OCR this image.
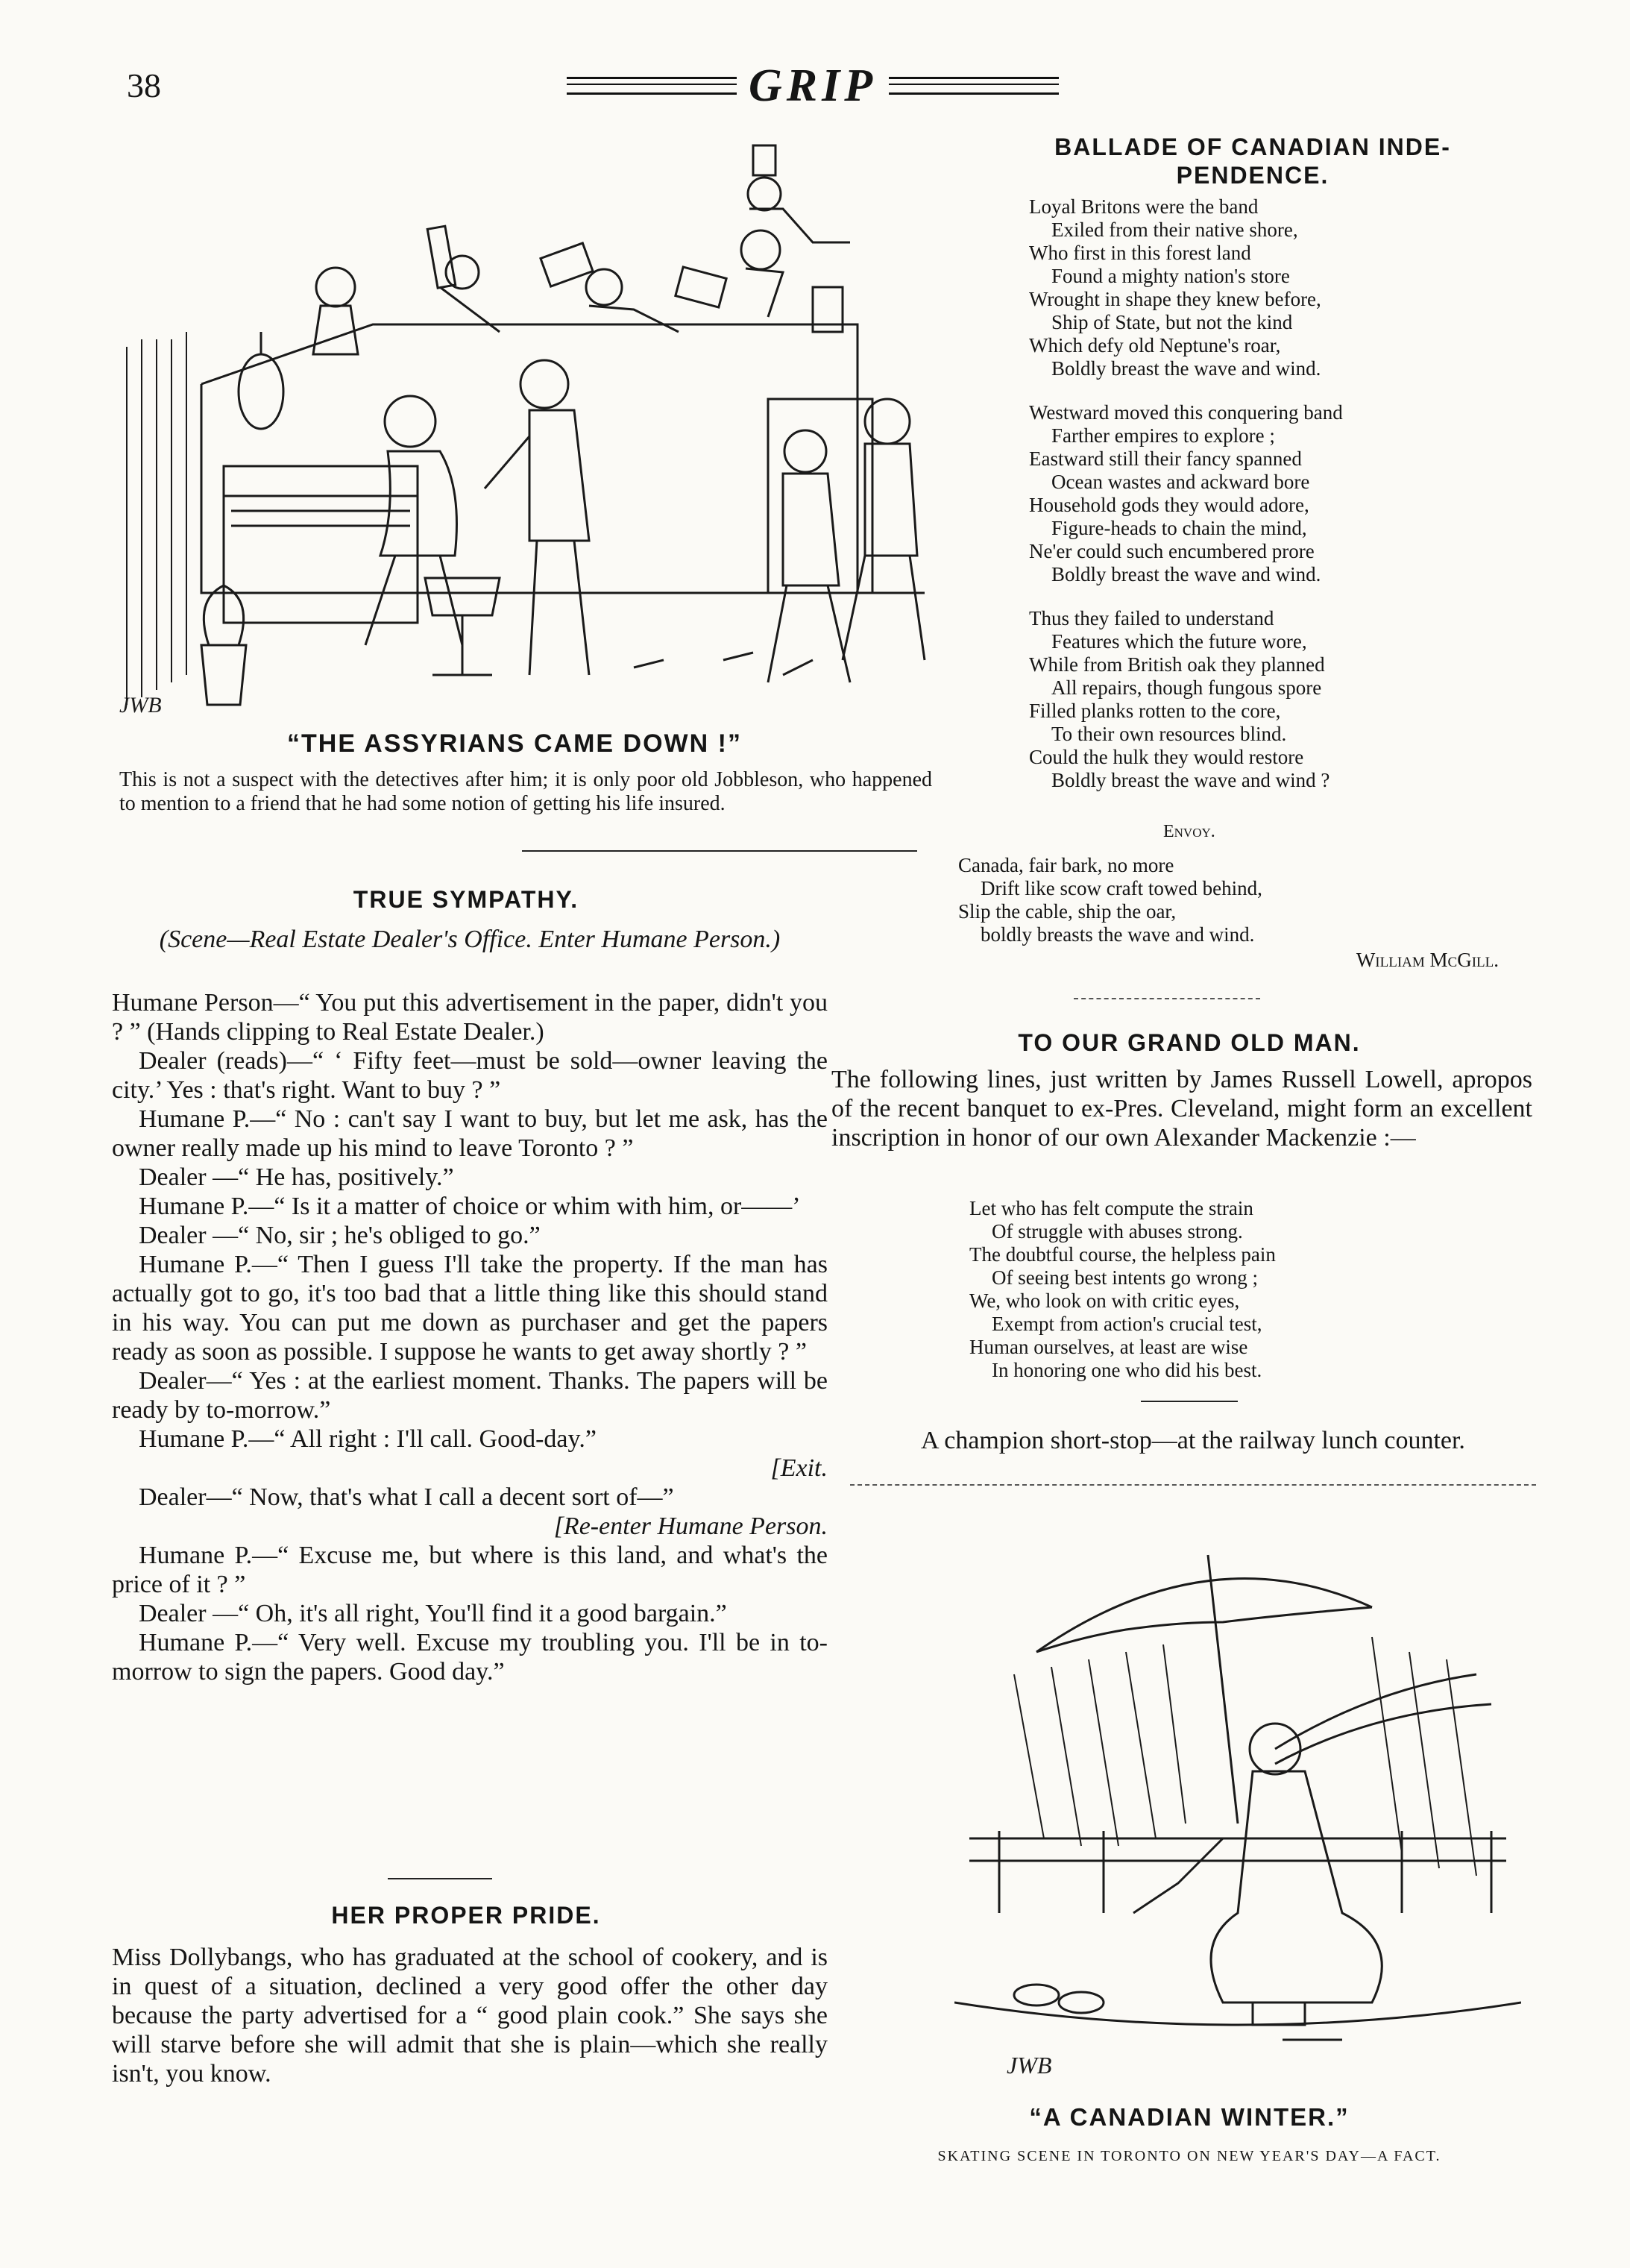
38	GRIP
JWB
“THE ASSYRIANS CAME DOWN !”
This is not a suspect with the detectives after him; it is only poor old Jobbleson, who happened to mention to a friend that he had some notion of getting his life insured.
TRUE SYMPATHY.
(Scene—Real Estate Dealer's Office. Enter Humane Person.)

Humane Person—“ You put this advertisement in the paper, didn't you ? ” (Hands clipping to Real Estate Dealer.)

Dealer (reads)—“ ‘ Fifty feet—must be sold—owner leaving the city.’ Yes : that's right. Want to buy ? ”

Humane P.—“ No : can't say I want to buy, but let me ask, has the owner really made up his mind to leave Toronto ? ”

Dealer —“ He has, positively.”

Humane P.—“ Is it a matter of choice or whim with him, or——’

Dealer —“ No, sir ; he's obliged to go.”

Humane P.—“ Then I guess I'll take the property. If the man has actually got to go, it's too bad that a little thing like this should stand in his way. You can put me down as purchaser and get the papers ready as soon as possible. I suppose he wants to get away shortly ? ”

Dealer—“ Yes : at the earliest moment. Thanks. The papers will be ready by to-morrow.”

Humane P.—“ All right : I'll call. Good-day.”

[Exit.

Dealer—“ Now, that's what I call a decent sort of—”

[Re-enter Humane Person.

Humane P.—“ Excuse me, but where is this land, and what's the price of it ? ”

Dealer —“ Oh, it's all right, You'll find it a good bargain.”

Humane P.—“ Very well. Excuse my troubling you. I'll be in to-morrow to sign the papers. Good day.”

HER PROPER PRIDE.

Miss Dollybangs, who has graduated at the school of cookery, and is in quest of a situation, declined a very good offer the other day because the party advertised for a “ good plain cook.” She says she will starve before she will admit that she is plain—which she really isn't, you know.

BALLADE OF CANADIAN INDE-
PENDENCE.
Loyal Britons were the band
Exiled from their native shore,
Who first in this forest land
Found a mighty nation's store
Wrought in shape they knew before,
Ship of State, but not the kind
Which defy old Neptune's roar,
Boldly breast the wave and wind.
Westward moved this conquering band
Farther empires to explore ;
Eastward still their fancy spanned
Ocean wastes and ackward bore
Household gods they would adore,
Figure-heads to chain the mind,
Ne'er could such encumbered prore
Boldly breast the wave and wind.
Thus they failed to understand
Features which the future wore,
While from British oak they planned
All repairs, though fungous spore
Filled planks rotten to the core,
To their own resources blind.
Could the hulk they would restore
Boldly breast the wave and wind ?
Envoy.
Canada, fair bark, no more
Drift like scow craft towed behind,
Slip the cable, ship the oar,
boldly breasts the wave and wind.
William McGill.
TO OUR GRAND OLD MAN.

The following lines, just written by James Russell Lowell, apropos of the recent banquet to ex-Pres. Cleveland, might form an excellent inscription in honor of our own Alexander Mackenzie :—

Let who has felt compute the strain
Of struggle with abuses strong.
The doubtful course, the helpless pain
Of seeing best intents go wrong ;
We, who look on with critic eyes,
Exempt from action's crucial test,
Human ourselves, at least are wise
In honoring one who did his best.
A champion short-stop—at the railway lunch counter.
JWB
“A CANADIAN WINTER.”
SKATING SCENE IN TORONTO ON NEW YEAR'S DAY—A FACT.
